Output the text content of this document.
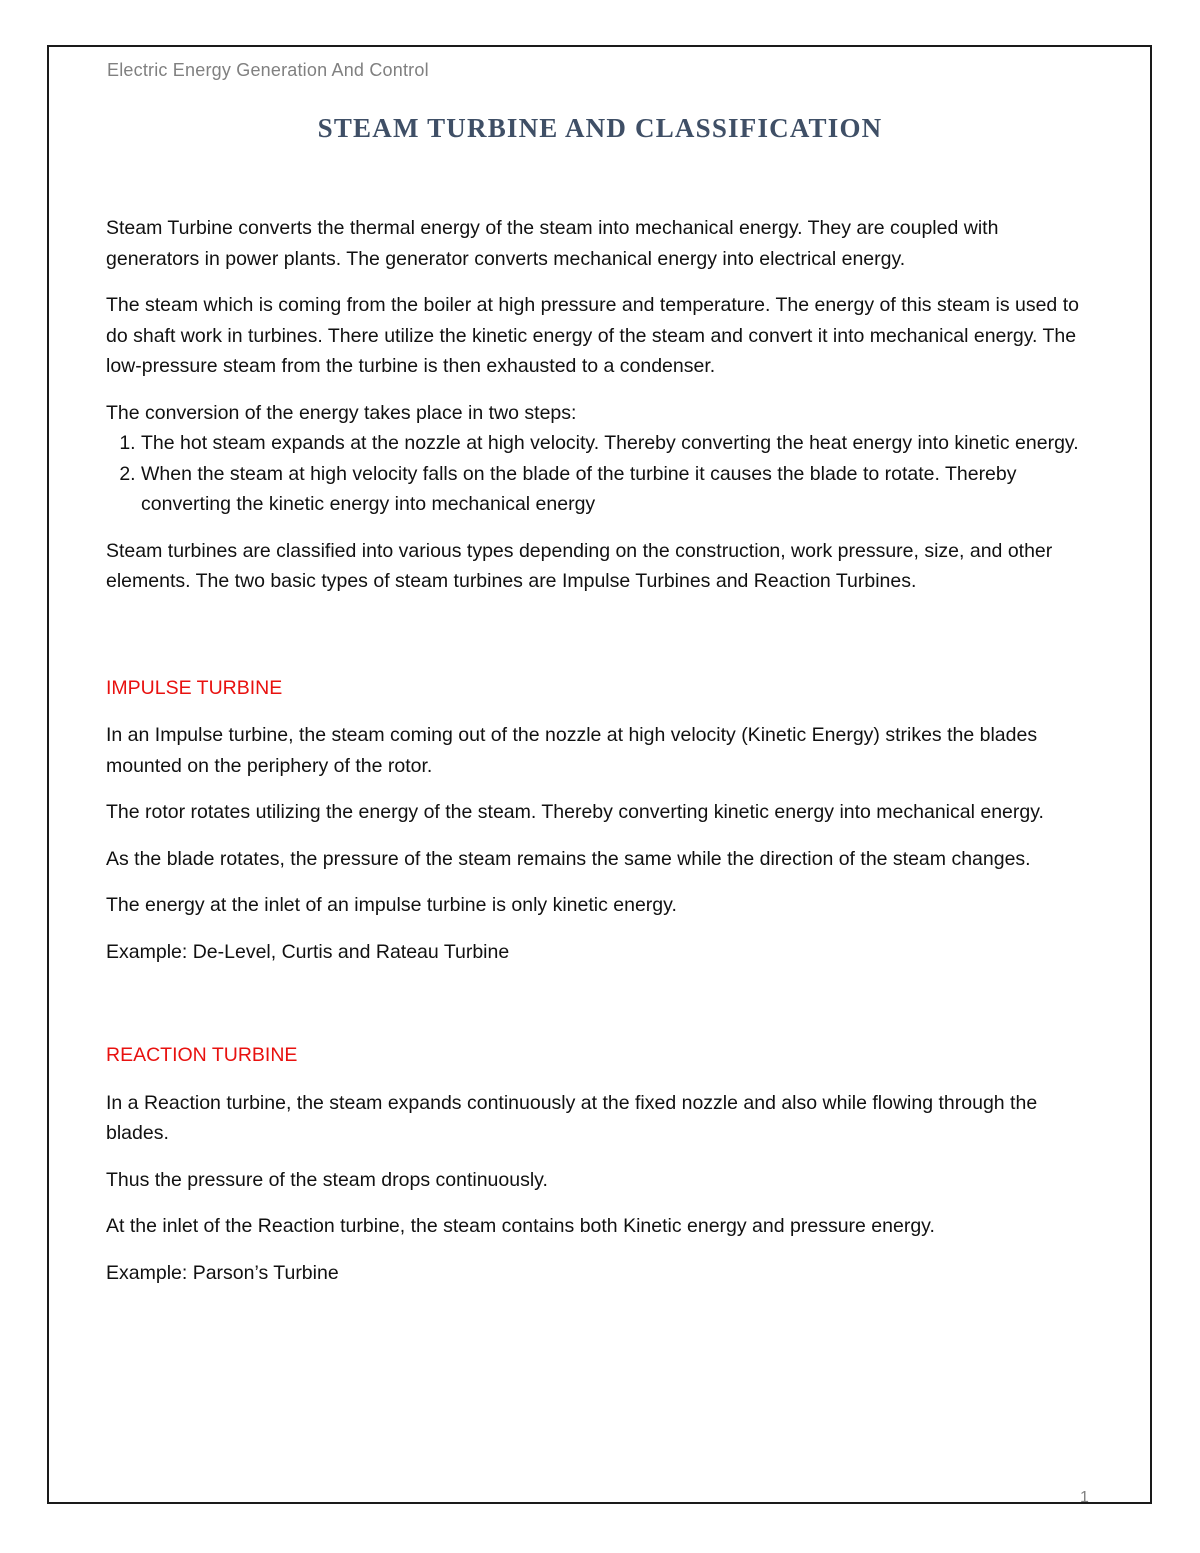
Electric Energy Generation And Control
STEAM TURBINE AND CLASSIFICATION

Steam Turbine converts the thermal energy of the steam into mechanical energy. They are coupled with generators in power plants. The generator converts mechanical energy into electrical energy.

The steam which is coming from the boiler at high pressure and temperature. The energy of this steam is used to do shaft work in turbines. There utilize the kinetic energy of the steam and convert it into mechanical energy. The low-pressure steam from the turbine is then exhausted to a condenser.

The conversion of the energy takes place in two steps:

1. The hot steam expands at the nozzle at high velocity. Thereby converting the heat energy into kinetic energy.
2. When the steam at high velocity falls on the blade of the turbine it causes the blade to rotate. Thereby converting the kinetic energy into mechanical energy

Steam turbines are classified into various types depending on the construction, work pressure, size, and other elements. The two basic types of steam turbines are Impulse Turbines and Reaction Turbines.

IMPULSE TURBINE

In an Impulse turbine, the steam coming out of the nozzle at high velocity (Kinetic Energy) strikes the blades mounted on the periphery of the rotor.

The rotor rotates utilizing the energy of the steam. Thereby converting kinetic energy into mechanical energy.

As the blade rotates, the pressure of the steam remains the same while the direction of the steam changes.

The energy at the inlet of an impulse turbine is only kinetic energy.

Example: De-Level, Curtis and Rateau Turbine

REACTION TURBINE

In a Reaction turbine, the steam expands continuously at the fixed nozzle and also while flowing through the blades.

Thus the pressure of the steam drops continuously.

At the inlet of the Reaction turbine, the steam contains both Kinetic energy and pressure energy.

Example: Parson’s Turbine

1
